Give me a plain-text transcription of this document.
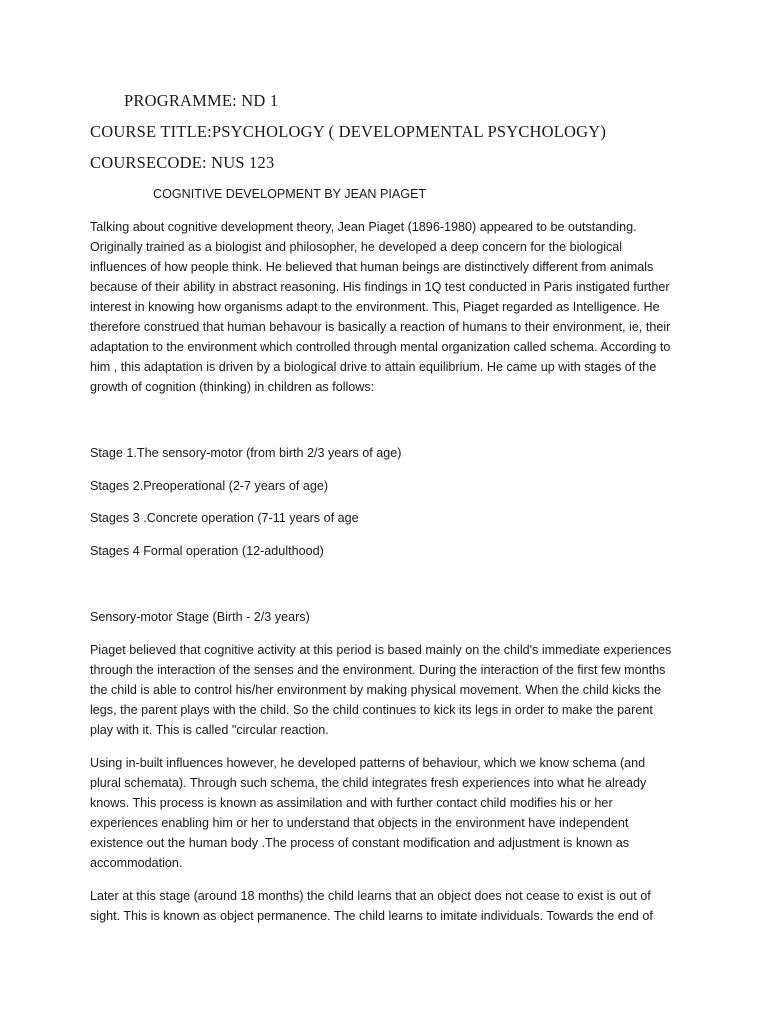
PROGRAMME: ND 1

COURSE TITLE:PSYCHOLOGY ( DEVELOPMENTAL PSYCHOLOGY)

COURSECODE: NUS 123

COGNITIVE DEVELOPMENT BY JEAN PIAGET

Talking about cognitive development theory, Jean Piaget (1896-1980) appeared to be outstanding. Originally trained as a biologist and philosopher, he developed a deep concern for the biological influences of how people think. He believed that human beings are distinctively different from animals because of their ability in abstract reasoning. His findings in 1Q test conducted in Paris instigated further interest in knowing how organisms adapt to the environment. This, Piaget regarded as Intelligence. He therefore construed that human behavour is basically a reaction of humans to their environment, ie, their adaptation to the environment which controlled through mental organization called schema. According to him , this adaptation is driven by a biological drive to attain equilibrium. He came up with stages of the growth of cognition (thinking) in children as follows:

Stage 1.The sensory-motor (from birth 2/3 years of age)

Stages 2.Preoperational (2-7 years of age)

Stages 3 .Concrete operation (7-11 years of age

Stages 4 Formal operation (12-adulthood)

Sensory-motor Stage (Birth - 2/3 years)

Piaget believed that cognitive activity at this period is based mainly on the child's immediate experiences through the interaction of the senses and the environment. During the interaction of the first few months the child is able to control his/her environment by making physical movement. When the child kicks the legs, the parent plays with the child. So the child continues to kick its legs in order to make the parent play with it. This is called "circular reaction.

Using in-built influences however, he developed patterns of behaviour, which we know schema (and plural schemata). Through such schema, the child integrates fresh experiences into what he already knows. This process is known as assimilation and with further contact child modifies his or her experiences enabling him or her to understand that objects in the environment have independent existence out the human body .The process of constant modification and adjustment is known as accommodation.

Later at this stage (around 18 months) the child learns that an object does not cease to exist is out of sight. This is known as object permanence. The child learns to imitate individuals. Towards the end of
